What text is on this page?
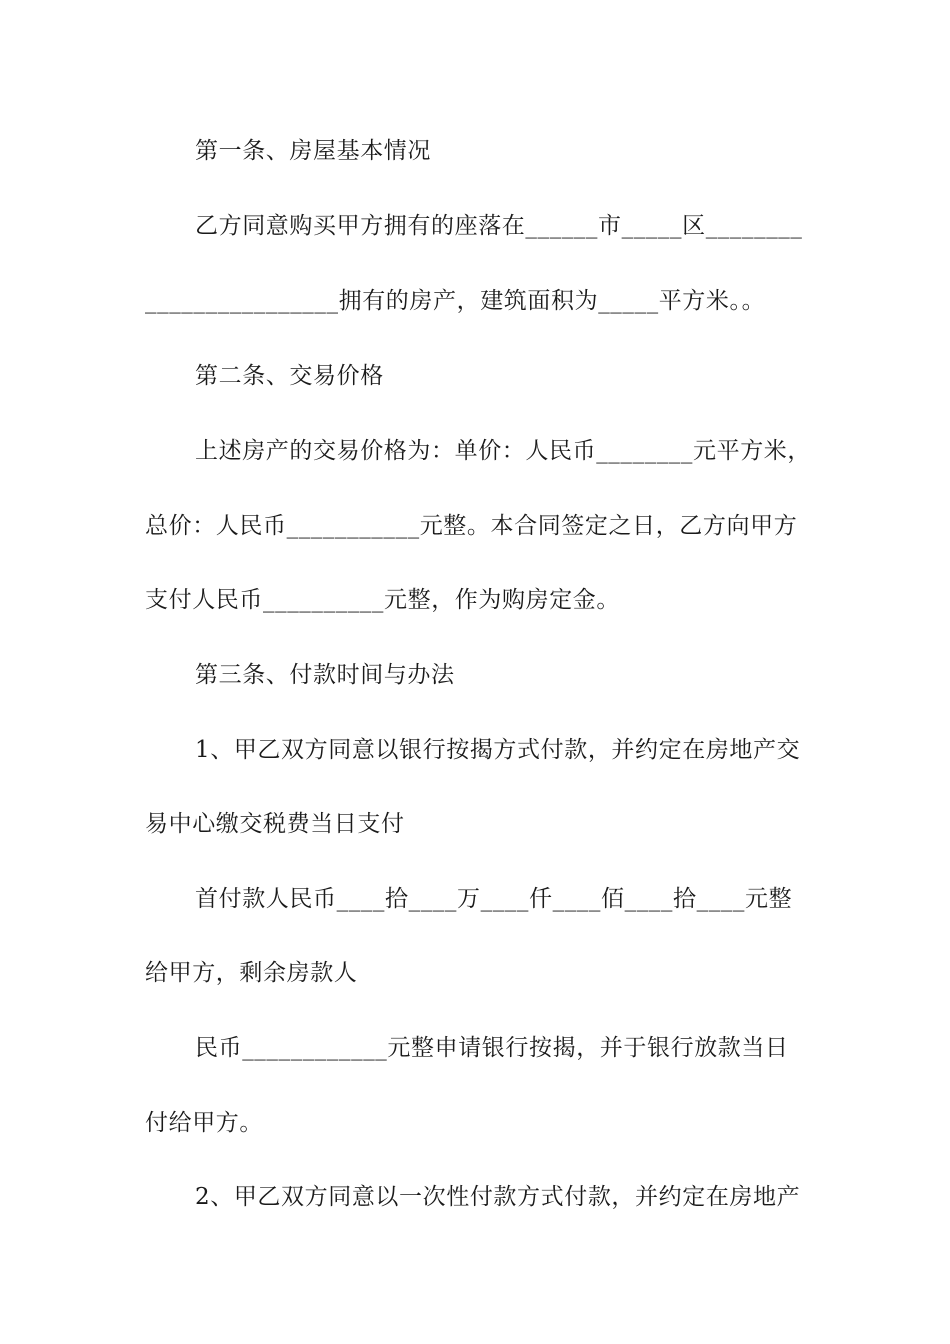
第一条、房屋基本情况
乙方同意购买甲方拥有的座落在______市_____区________
________________拥有的房产，建筑面积为_____平方米。。
第二条、交易价格
上述房产的交易价格为：单价：人民币________元平方米，
总价：人民币___________元整。本合同签定之日，乙方向甲方
支付人民币__________元整，作为购房定金。
第三条、付款时间与办法
1、甲乙双方同意以银行按揭方式付款，并约定在房地产交
易中心缴交税费当日支付
首付款人民币____拾____万____仟____佰____拾____元整
给甲方，剩余房款人
民币____________元整申请银行按揭，并于银行放款当日
付给甲方。
2、甲乙双方同意以一次性付款方式付款，并约定在房地产
